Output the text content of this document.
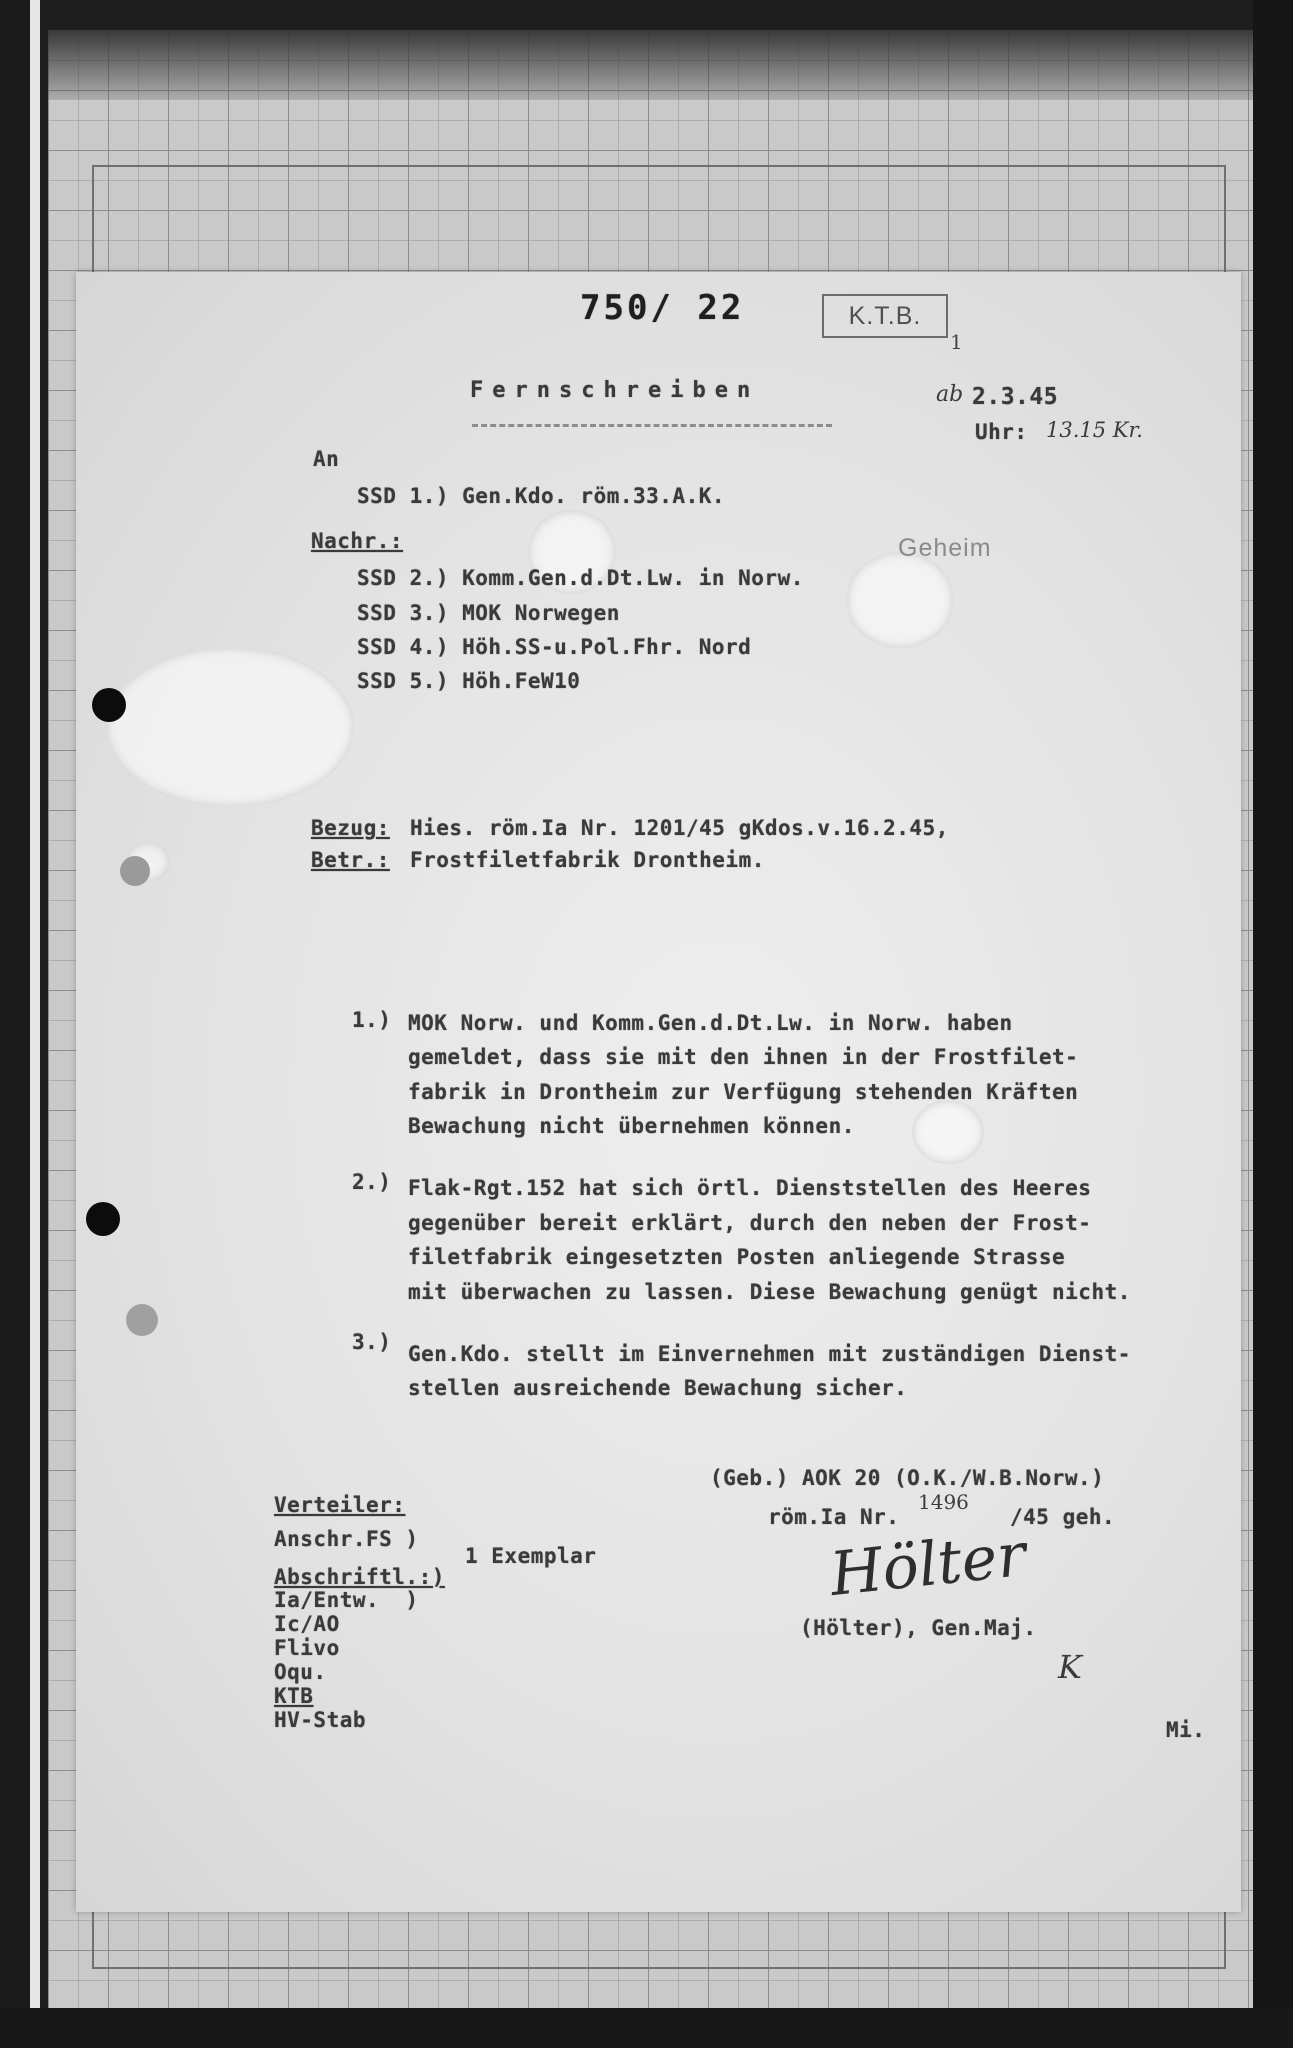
K.T.B.
1
750/ 22
Fernschreiben	ab 2.3.45
Uhr: 13.15 Kr.
Geheim
An
SSD 1.) Gen.Kdo. röm.33.A.K.
Nachr.:
SSD 2.) Komm.Gen.d.Dt.Lw. in Norw.
SSD 3.) MOK Norwegen
SSD 4.) Höh.SS-u.Pol.Fhr. Nord
SSD 5.) Höh.FeW10
Bezug: Hies. röm.Ia Nr. 1201/45 gKdos.v.16.2.45,
Betr.: Frostfiletfabrik Drontheim.
1.) MOK Norw. und Komm.Gen.d.Dt.Lw. in Norw. haben
gemeldet, dass sie mit den ihnen in der Frostfilet-
fabrik in Drontheim zur Verfügung stehenden Kräften
Bewachung nicht übernehmen können.
2.) Flak-Rgt.152 hat sich örtl. Dienststellen des Heeres
gegenüber bereit erklärt, durch den neben der Frost-
filetfabrik eingesetzten Posten anliegende Strasse
mit überwachen zu lassen. Diese Bewachung genügt nicht.
3.) Gen.Kdo. stellt im Einvernehmen mit zuständigen Dienst-
stellen ausreichende Bewachung sicher.
(Geb.) AOK 20 (O.K./W.B.Norw.)
röm.Ia Nr.
1496
/45 geh.
Hölter
(Hölter), Gen.Maj.
K
Verteiler:
Anschr.FS )
1 Exemplar
Abschriftl.:)
Ia/Entw.  )
Ic/AO
Flivo
Oqu.
KTB
HV-Stab	Mi.
